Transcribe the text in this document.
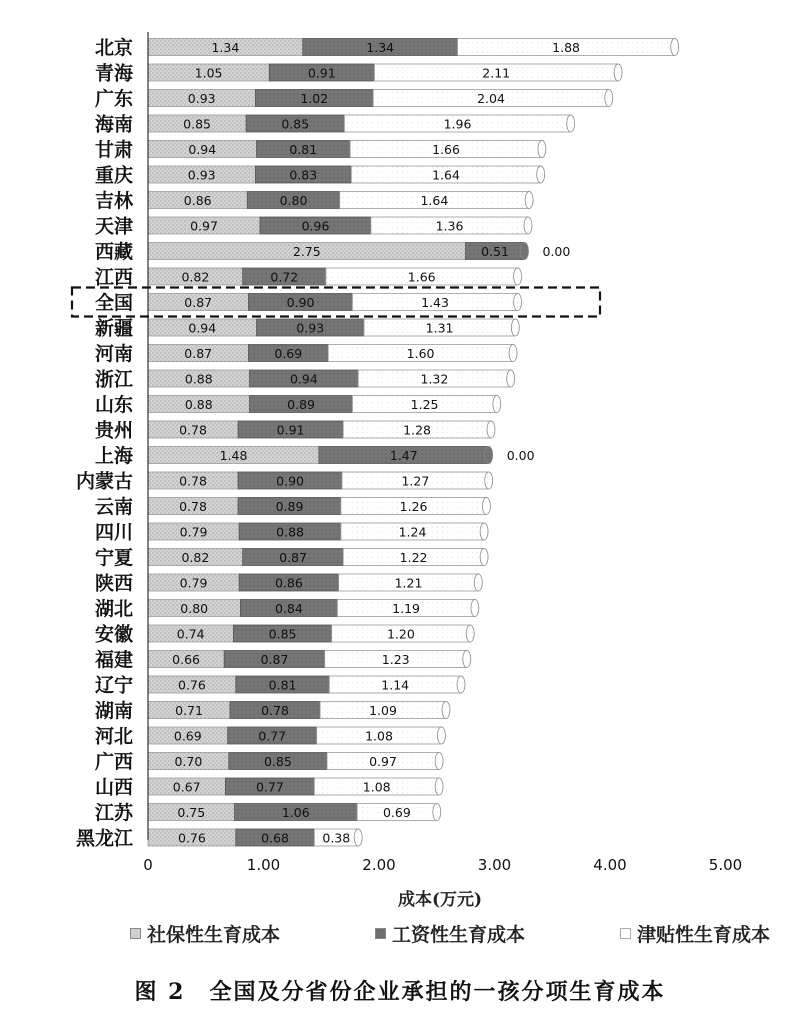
北京	1.34	1.34	1.88
青海	1.05	0.91	2.11
广东	0.93	1.02	2.04
海南	0.85	0.85	1.96
甘肃	0.94	0.81	1.66
重庆	0.93	0.83	1.64
吉林	0.86	0.80	1.64
天津	0.97	0.96	1.36
西藏	2.75	0.51	0.00
江西	0.82	0.72	1.66
全国	0.87	0.90	1.43
新疆	0.94	0.93	1.31
河南	0.87	0.69	1.60
浙江	0.88	0.94	1.32
山东	0.88	0.89	1.25
贵州	0.78	0.91	1.28
上海	1.48	1.47	0.00
内蒙古	0.78	0.90	1.27
云南	0.78	0.89	1.26
四川	0.79	0.88	1.24
宁夏	0.82	0.87	1.22
陕西	0.79	0.86	1.21
湖北	0.80	0.84	1.19
安徽	0.74	0.85	1.20
福建	0.66	0.87	1.23
辽宁	0.76	0.81	1.14
湖南	0.71	0.78	1.09
河北	0.69	0.77	1.08
广西	0.70	0.85	0.97
山西	0.67	0.77	1.08
江苏	0.75	1.06	0.69
黑龙江	0.76	0.68	0.38
0	1.00	2.00	3.00	4.00	5.00
成本(万元)
社保性生育成本	工资性生育成本	津贴性生育成本
图 2 全国及分省份企业承担的一孩分项生育成本
